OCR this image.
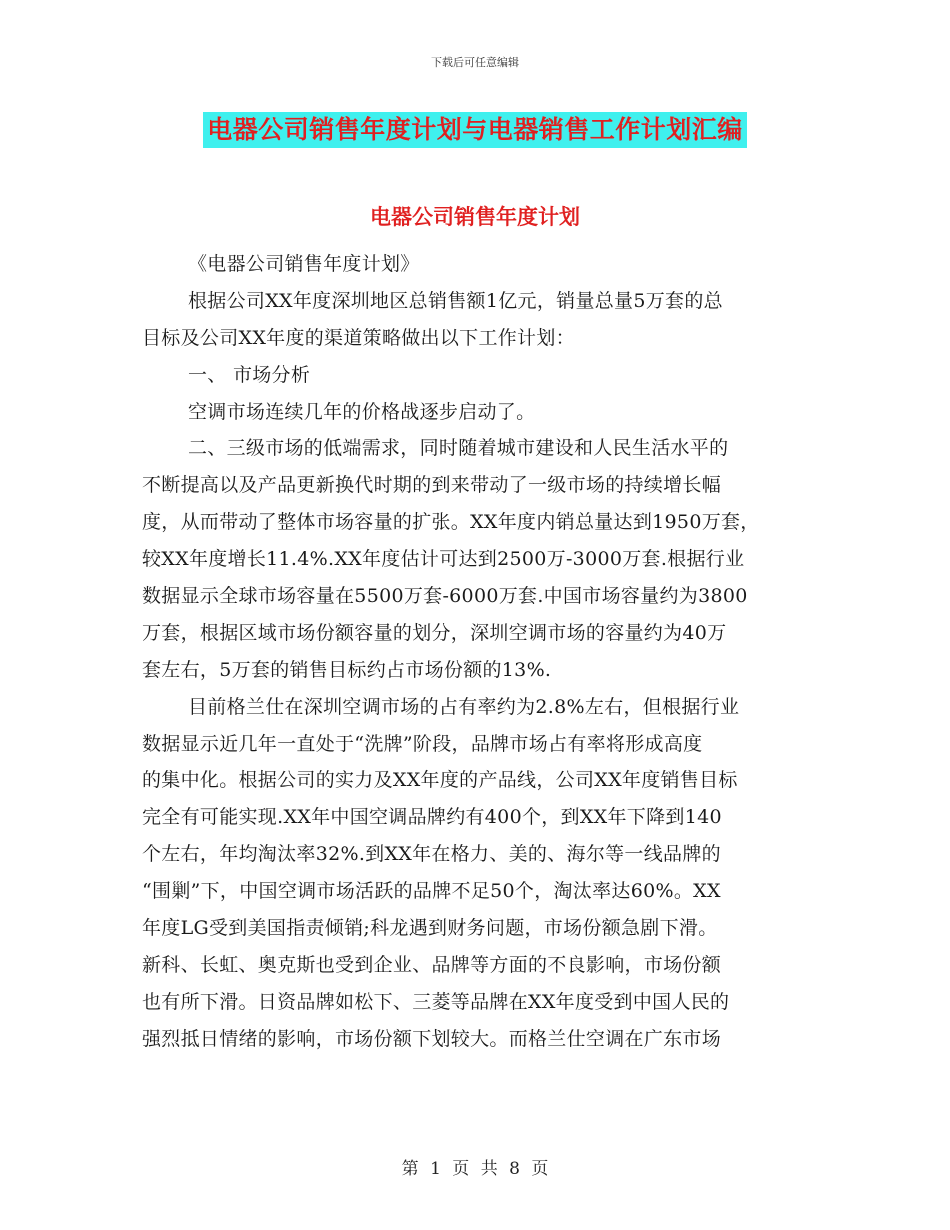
下载后可任意编辑
电器公司销售年度计划与电器销售工作计划汇编
电器公司销售年度计划
《电器公司销售年度计划》
根据公司XX年度深圳地区总销售额1亿元，销量总量5万套的总
目标及公司XX年度的渠道策略做出以下工作计划：
一、 市场分析
空调市场连续几年的价格战逐步启动了。
二、三级市场的低端需求，同时随着城市建设和人民生活水平的
不断提高以及产品更新换代时期的到来带动了一级市场的持续增长幅
度，从而带动了整体市场容量的扩张。XX年度内销总量达到1950万套，
较XX年度增长11.4%.XX年度估计可达到2500万-3000万套.根据行业
数据显示全球市场容量在5500万套-6000万套.中国市场容量约为3800
万套，根据区域市场份额容量的划分，深圳空调市场的容量约为40万
套左右，5万套的销售目标约占市场份额的13%.
目前格兰仕在深圳空调市场的占有率约为2.8%左右，但根据行业
数据显示近几年一直处于“洗牌”阶段，品牌市场占有率将形成高度
的集中化。根据公司的实力及XX年度的产品线，公司XX年度销售目标
完全有可能实现.XX年中国空调品牌约有400个，到XX年下降到140
个左右，年均淘汰率32%.到XX年在格力、美的、海尔等一线品牌的
“围剿”下，中国空调市场活跃的品牌不足50个，淘汰率达60%。XX
年度LG受到美国指责倾销;科龙遇到财务问题，市场份额急剧下滑。
新科、长虹、奥克斯也受到企业、品牌等方面的不良影响，市场份额
也有所下滑。日资品牌如松下、三菱等品牌在XX年度受到中国人民的
强烈抵日情绪的影响，市场份额下划较大。而格兰仕空调在广东市场
第 1 页 共 8 页
